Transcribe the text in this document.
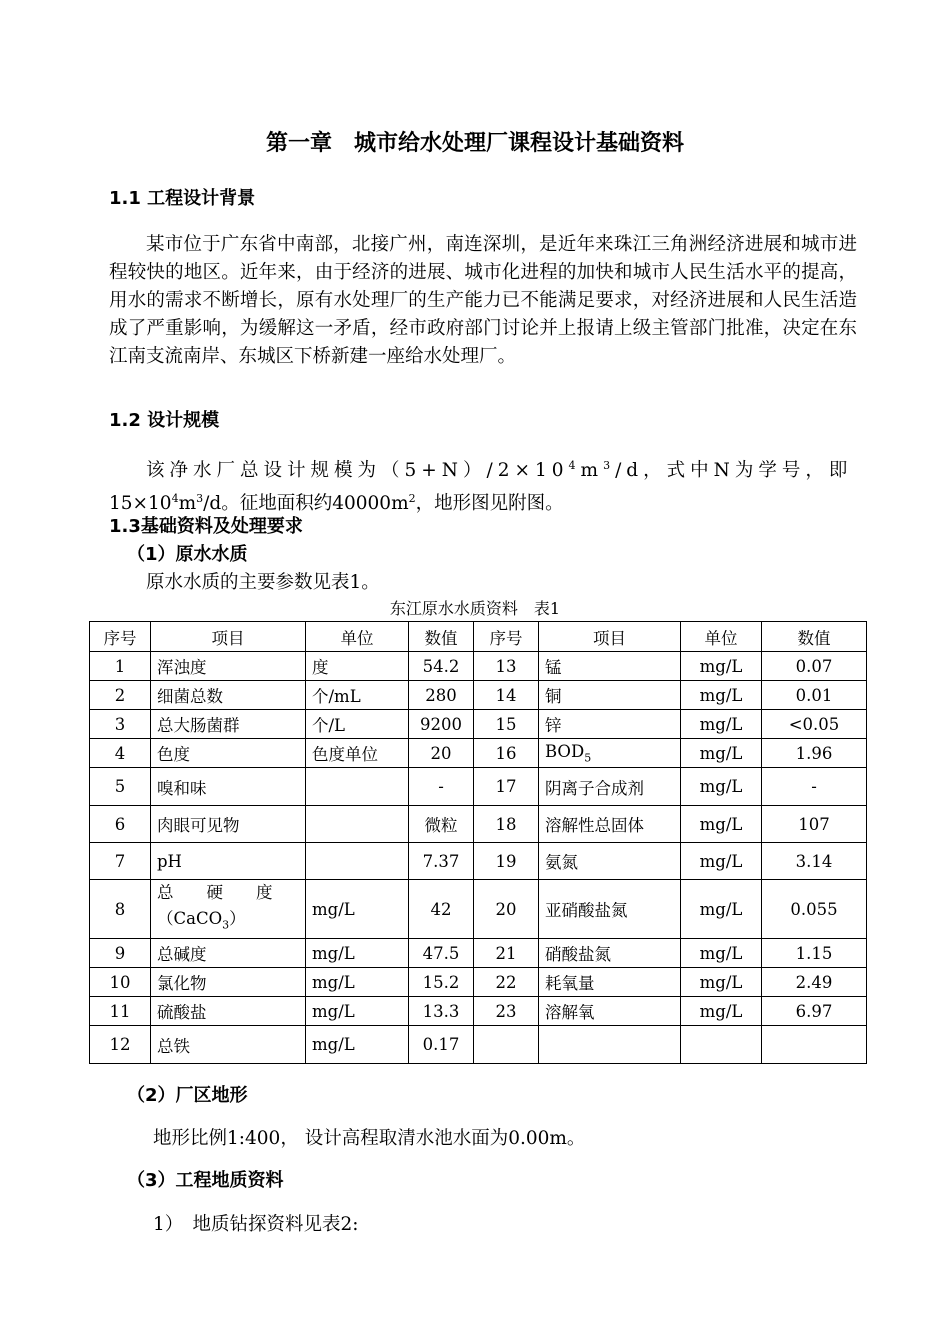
第一章　城市给水处理厂课程设计基础资料
1.1 工程设计背景

某市位于广东省中南部，北接广州，南连深圳，是近年来珠江三角洲经济进展和城市进程较快的地区。近年来，由于经济的进展、城市化进程的加快和城市人民生活水平的提高，用水的需求不断增长，原有水处理厂的生产能力已不能满足要求，对经济进展和人民生活造成了严重影响，为缓解这一矛盾，经市政府部门讨论并上报请上级主管部门批准，决定在东江南支流南岸、东城区下桥新建一座给水处理厂。

1.2 设计规模
该净水厂总设计规模为$(5+N)/2\times 10^4m^3/d$，式中N为学号，即
$15\times 10^4m^3/d$。征地面积约$40000m^2$，地形图见附图。
1.3基础资料及处理要求
（1）原水水质
原水水质的主要参数见表1。
东江原水水质资料　表1
序号	项目	单位	数值	序号	项目	单位	数值
1	浑浊度	度	54.2	13	锰	mg/L	0.07
2	细菌总数	个/mL	280	14	铜	mg/L	0.01
3	总大肠菌群	个/L	9200	15	锌	mg/L	<0.05
4	色度	色度单位	20	16	$BOD_5$	mg/L	1.96
5	嗅和味		-	17	阴离子合成剂	mg/L	-
6	肉眼可见物		微粒	18	溶解性总固体	mg/L	107
7	pH		7.37	19	氨氮	mg/L	3.14
8	总　　硬　　度
（CaCO$_3$）	mg/L	42	20	亚硝酸盐氮	mg/L	0.055
9	总碱度	mg/L	47.5	21	硝酸盐氮	mg/L	1.15
10	氯化物	mg/L	15.2	22	耗氧量	mg/L	2.49
11	硫酸盐	mg/L	13.3	23	溶解氧	mg/L	6.97
12	总铁	mg/L	0.17				
（2）厂区地形
地形比例1:400， 设计高程取清水池水面为0.00m。
（3）工程地质资料
1）　地质钻探资料见表2:
